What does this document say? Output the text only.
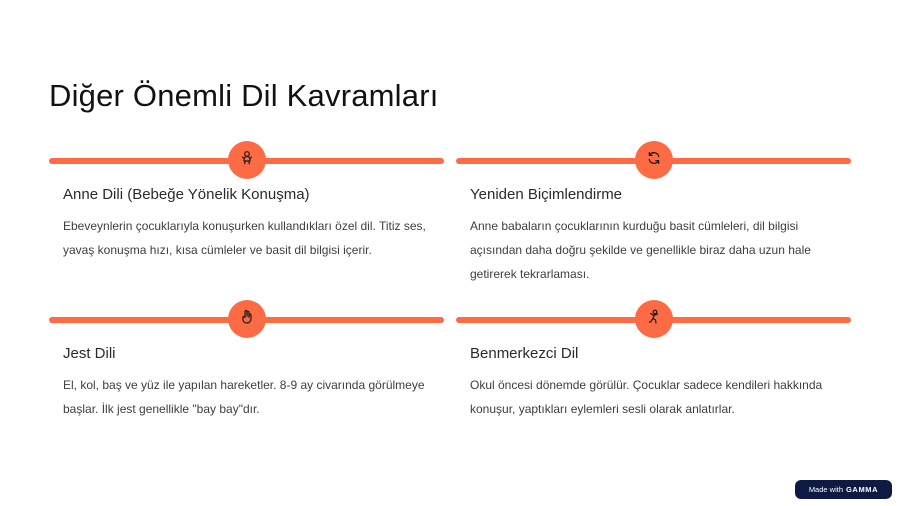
Diğer Önemli Dil Kavramları
Anne Dili (Bebeğe Yönelik Konuşma)
Ebeveynlerin çocuklarıyla konuşurken kullandıkları özel dil. Titiz ses, yavaş konuşma hızı, kısa cümleler ve basit dil bilgisi içerir.
Yeniden Biçimlendirme
Anne babaların çocuklarının kurduğu basit cümleleri, dil bilgisi açısından daha doğru şekilde ve genellikle biraz daha uzun hale getirerek tekrarlaması.
Jest Dili
El, kol, baş ve yüz ile yapılan hareketler. 8-9 ay civarında görülmeye başlar. İlk jest genellikle "bay bay"dır.
Benmerkezci Dil
Okul öncesi dönemde görülür. Çocuklar sadece kendileri hakkında konuşur, yaptıkları eylemleri sesli olarak anlatırlar.
Made with GAMMA
